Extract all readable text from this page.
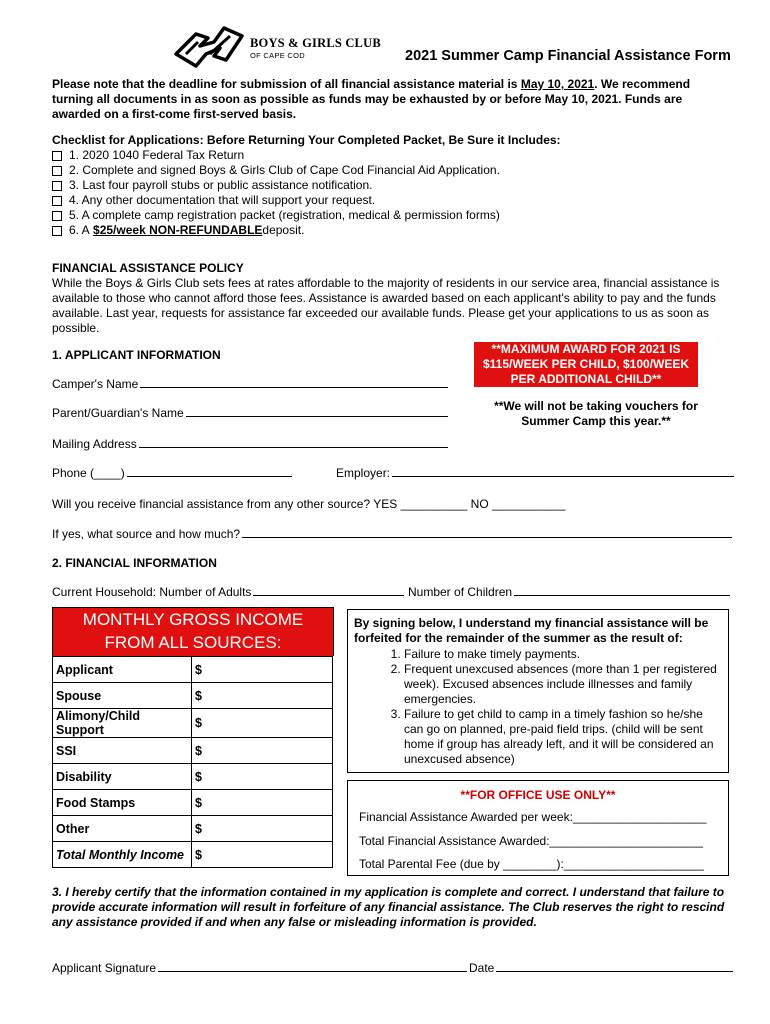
BOYS & GIRLS CLUB
OF CAPE COD	2021 Summer Camp Financial Assistance Form
Please note that the deadline for submission of all financial assistance material is May 10, 2021. We recommend turning all documents in as soon as possible as funds may be exhausted by or before May 10, 2021. Funds are awarded on a first-come first-served basis.
Checklist for Applications: Before Returning Your Completed Packet, Be Sure it Includes:
1. 2020 1040 Federal Tax Return
2. Complete and signed Boys & Girls Club of Cape Cod Financial Aid Application.
3. Last four payroll stubs or public assistance notification.
4. Any other documentation that will support your request.
5. A complete camp registration packet (registration, medical & permission forms)
6. A
$25/week NON-REFUNDABLE deposit.
FINANCIAL ASSISTANCE POLICY
While the Boys & Girls Club sets fees at rates affordable to the majority of residents in our service area, financial assistance is available to those who cannot afford those fees. Assistance is awarded based on each applicant's ability to pay and the funds available. Last year, requests for assistance far exceeded our available funds. Please get your applications to us as soon as possible.
1. APPLICANT INFORMATION	**MAXIMUM AWARD FOR 2021 IS $115/WEEK PER CHILD, $100/WEEK PER ADDITIONAL CHILD**
**We will not be taking vouchers for Summer Camp this year.**
Camper's Name
Parent/Guardian's Name
Mailing Address
Phone (____)	Employer:
Will you receive financial assistance from any other source? YES __________ NO ___________
If yes, what source and how much?
2. FINANCIAL INFORMATION
Current Household: Number of Adults	Number of Children
MONTHLY GROSS INCOME FROM ALL SOURCES:
Applicant	$
Spouse	$
Alimony/Child Support	$
SSI	$
Disability	$
Food Stamps	$
Other	$
Total Monthly Income	$
By signing below, I understand my financial assistance will be forfeited for the remainder of the summer as the result of:
1. Failure to make timely payments.
2. Frequent unexcused absences (more than 1 per registered week). Excused absences include illnesses and family emergencies.
3. Failure to get child to camp in a timely fashion so he/she can go on planned, pre-paid field trips. (child will be sent home if group has already left, and it will be considered an unexcused absence)
**FOR OFFICE USE ONLY**
Financial Assistance Awarded per week:____________________
Total Financial Assistance Awarded:_______________________
Total Parental Fee (due by ________):_____________________
3. I hereby certify that the information contained in my application is complete and correct. I understand that failure to provide accurate information will result in forfeiture of any financial assistance. The Club reserves the right to rescind any assistance provided if and when any false or misleading information is provided.
Applicant Signature	Date
